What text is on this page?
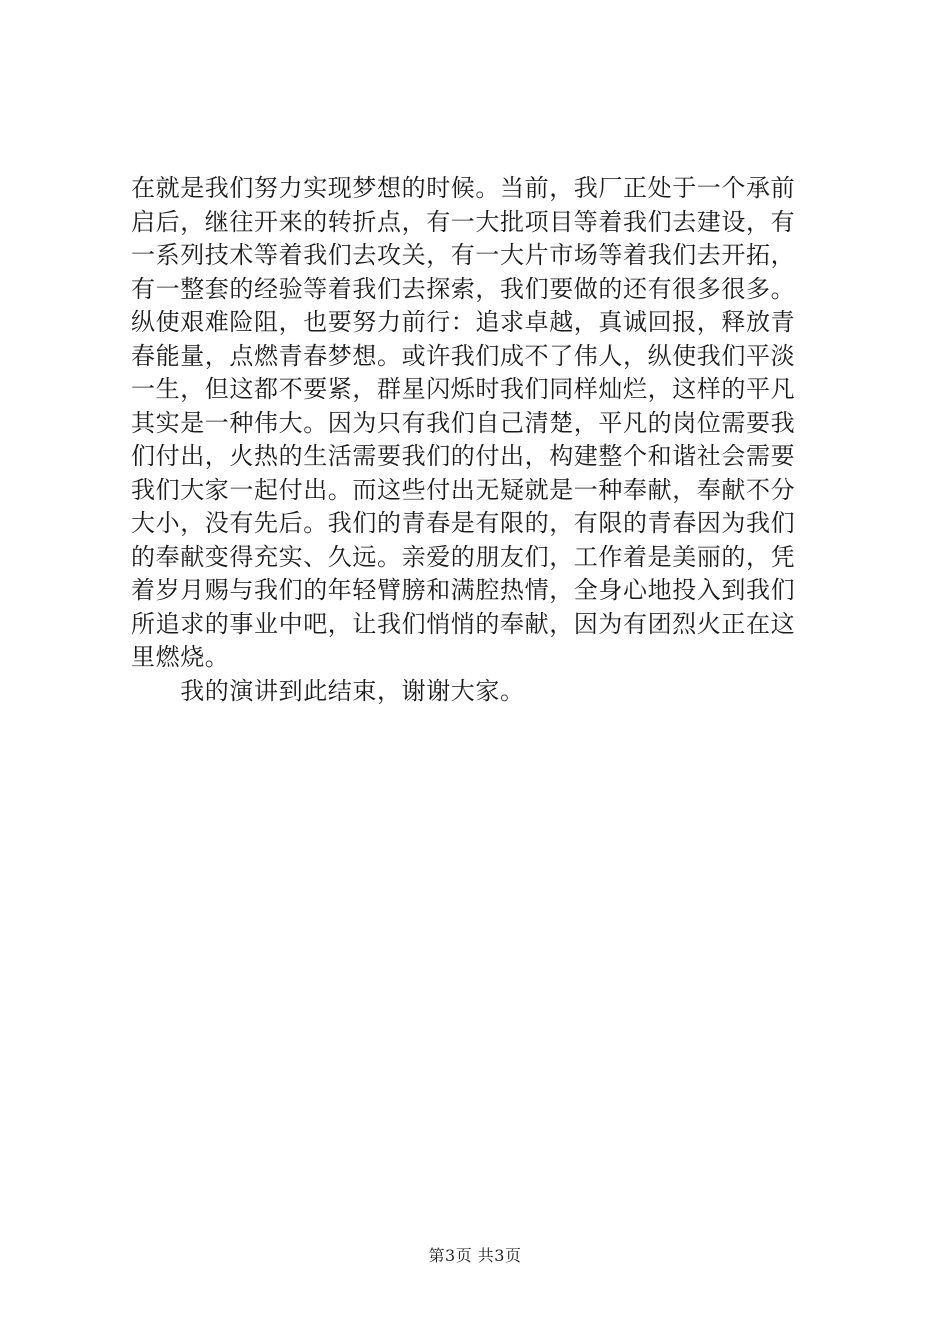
在就是我们努力实现梦想的时候。当前，我厂正处于一个承前
启后，继往开来的转折点，有一大批项目等着我们去建设，有
一系列技术等着我们去攻关，有一大片市场等着我们去开拓，
有一整套的经验等着我们去探索，我们要做的还有很多很多。
纵使艰难险阻，也要努力前行：追求卓越，真诚回报，释放青
春能量，点燃青春梦想。或许我们成不了伟人，纵使我们平淡
一生，但这都不要紧，群星闪烁时我们同样灿烂，这样的平凡
其实是一种伟大。因为只有我们自己清楚，平凡的岗位需要我
们付出，火热的生活需要我们的付出，构建整个和谐社会需要
我们大家一起付出。而这些付出无疑就是一种奉献，奉献不分
大小，没有先后。我们的青春是有限的，有限的青春因为我们
的奉献变得充实、久远。亲爱的朋友们，工作着是美丽的，凭
着岁月赐与我们的年轻臂膀和满腔热情，全身心地投入到我们
所追求的事业中吧，让我们悄悄的奉献，因为有团烈火正在这
里燃烧。
　　我的演讲到此结束，谢谢大家。
第3页 共3页
